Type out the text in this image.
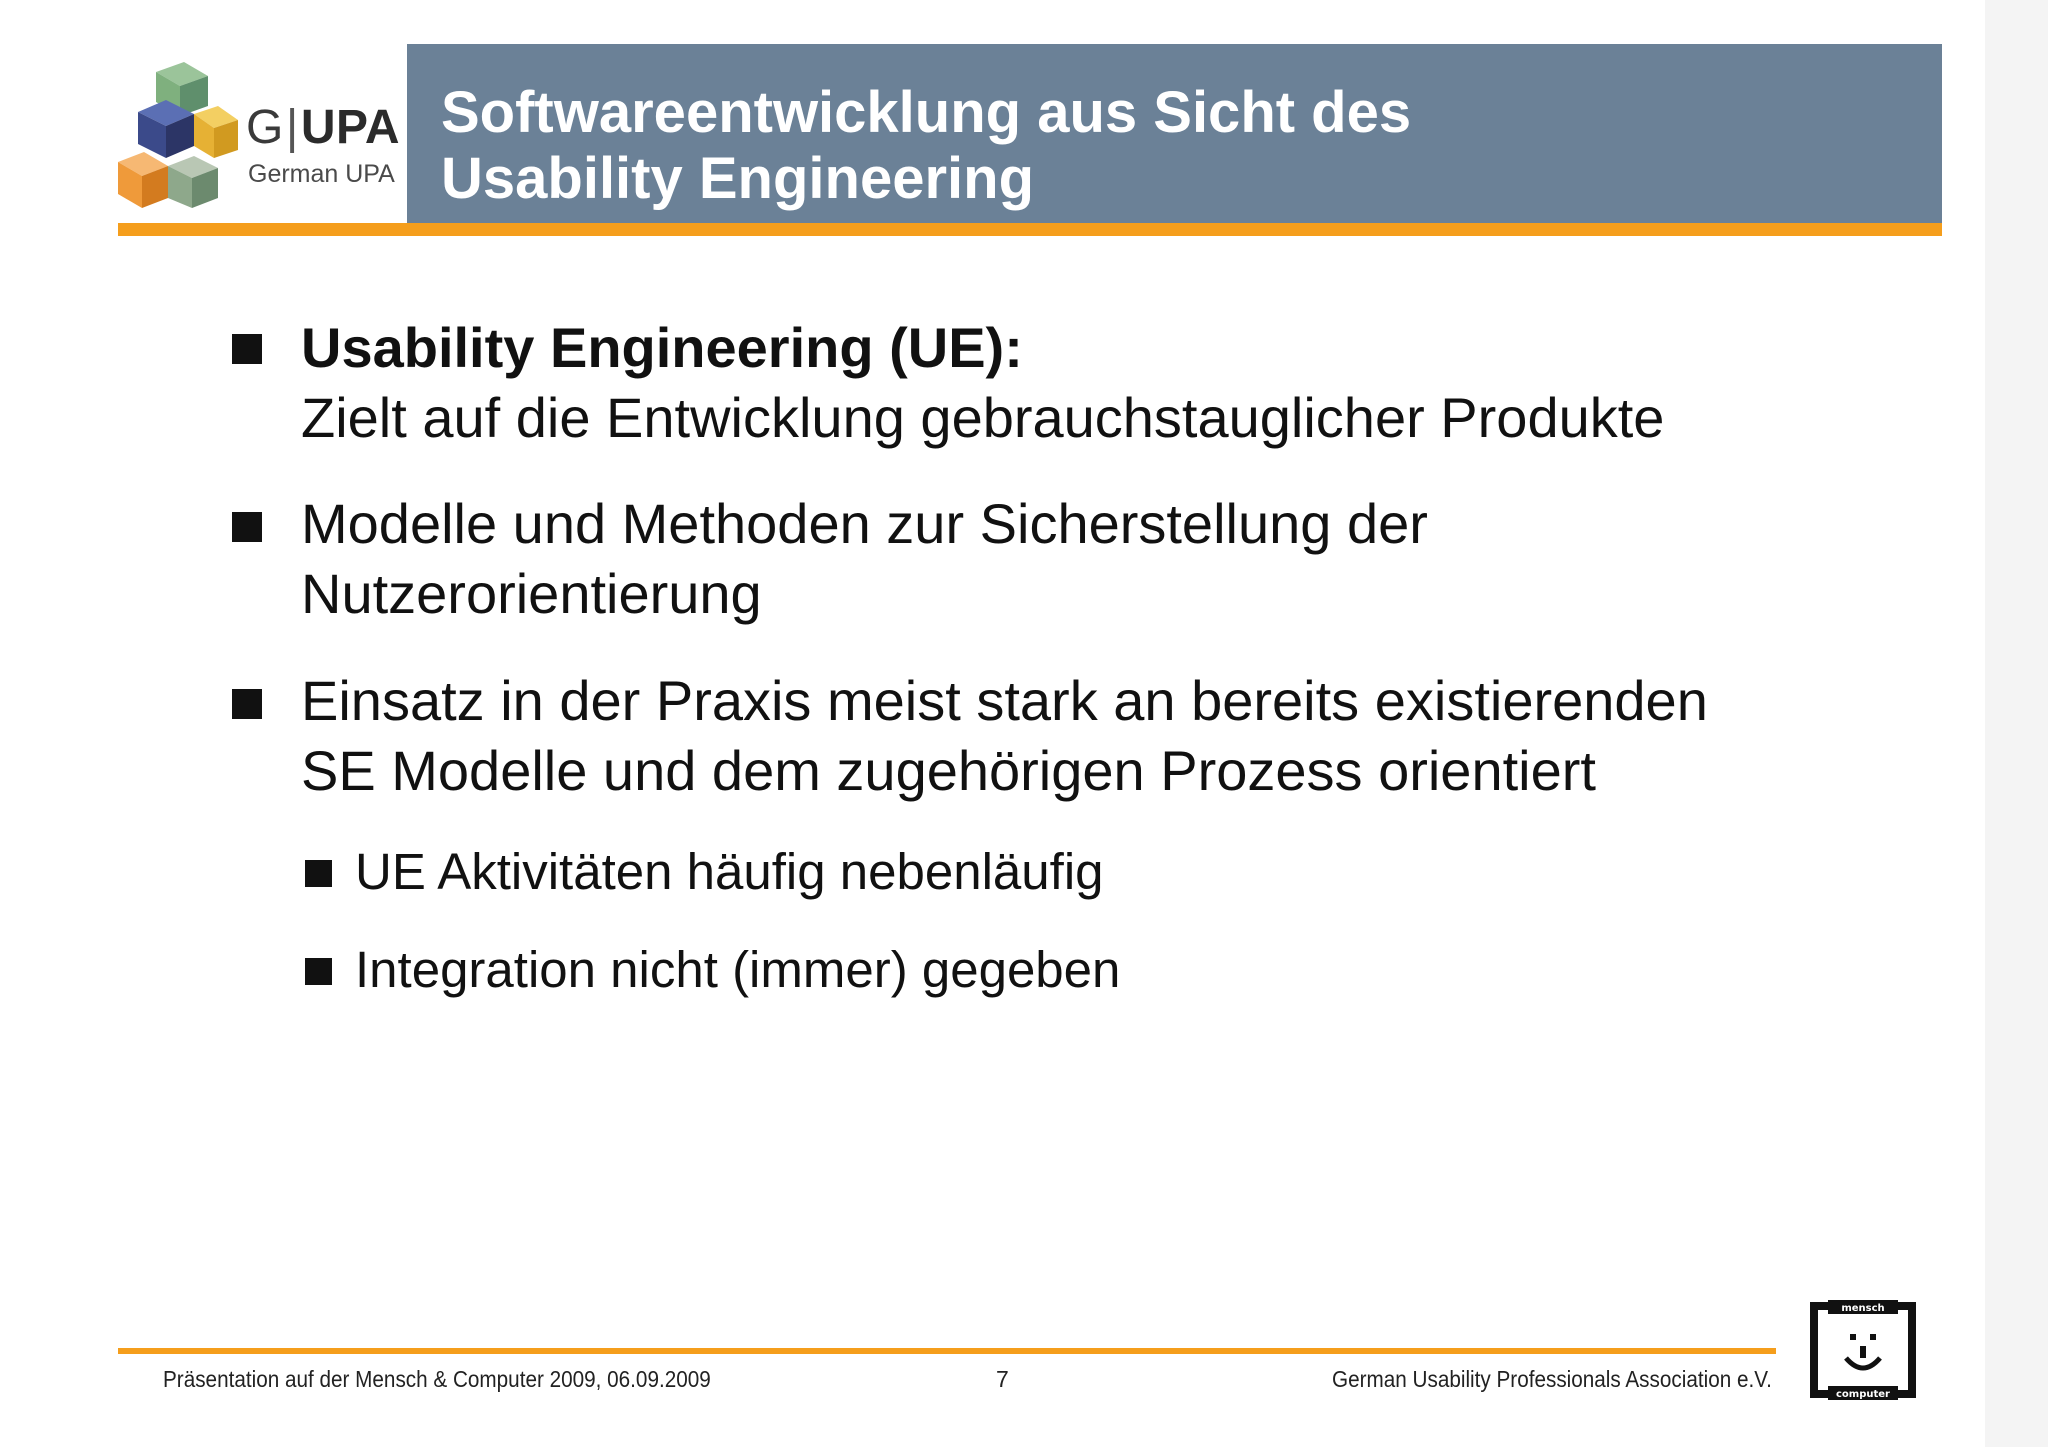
G|UPA
German UPA
Softwareentwicklung aus Sicht des
Usability Engineering
Usability Engineering (UE):
Zielt auf die Entwicklung gebrauchstauglicher Produkte
Modelle und Methoden zur Sicherstellung der
Nutzerorientierung
Einsatz in der Praxis meist stark an bereits existierenden
SE Modelle und dem zugehörigen Prozess orientiert
UE Aktivitäten häufig nebenläufig
Integration nicht (immer) gegeben
Präsentation auf der Mensch & Computer 2009, 06.09.2009	7	German Usability Professionals Association e.V.
mensch
computer
